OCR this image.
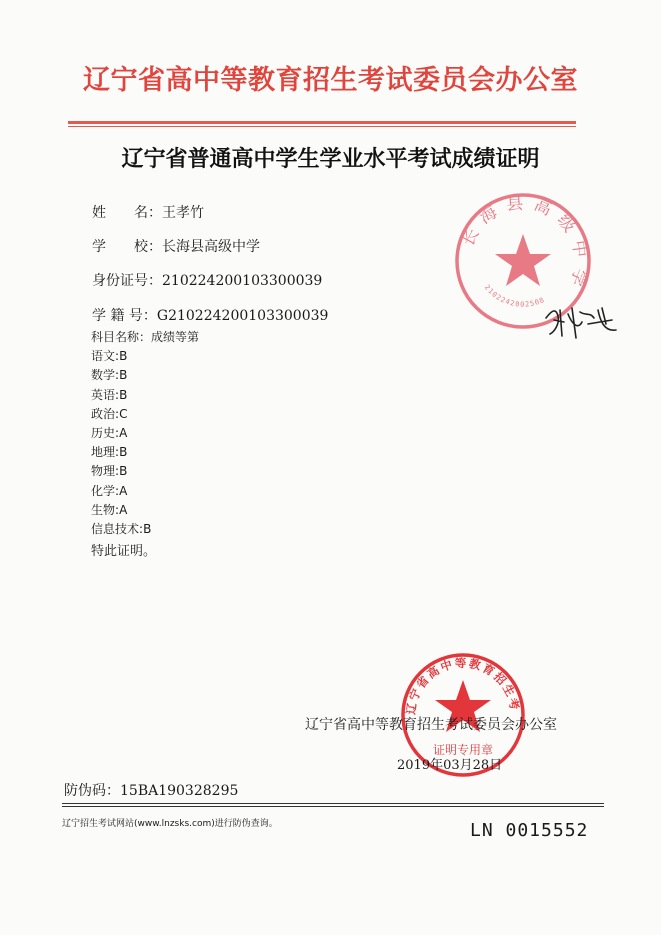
辽宁省高中等教育招生考试委员会办公室
辽宁省普通高中学生学业水平考试成绩证明
姓　　名：王孝竹
学　　校：长海县高级中学
身份证号：210224200103300039
学 籍 号：G210224200103300039
科目名称：成绩等第
语文:B
数学:B
英语:B
政治:C
历史:A
地理:B
物理:B
化学:A
生物:A
信息技术:B
特此证明。
长海县高级中学
2102242002508
辽宁省高中等教育招生考试委员会办公室
证明专用章
辽宁省高中等教育招生考试委员会办公室
2019年03月28日
防伪码：15BA190328295
辽宁招生考试网站(www.lnzsks.com)进行防伪查询。	LN 0015552
